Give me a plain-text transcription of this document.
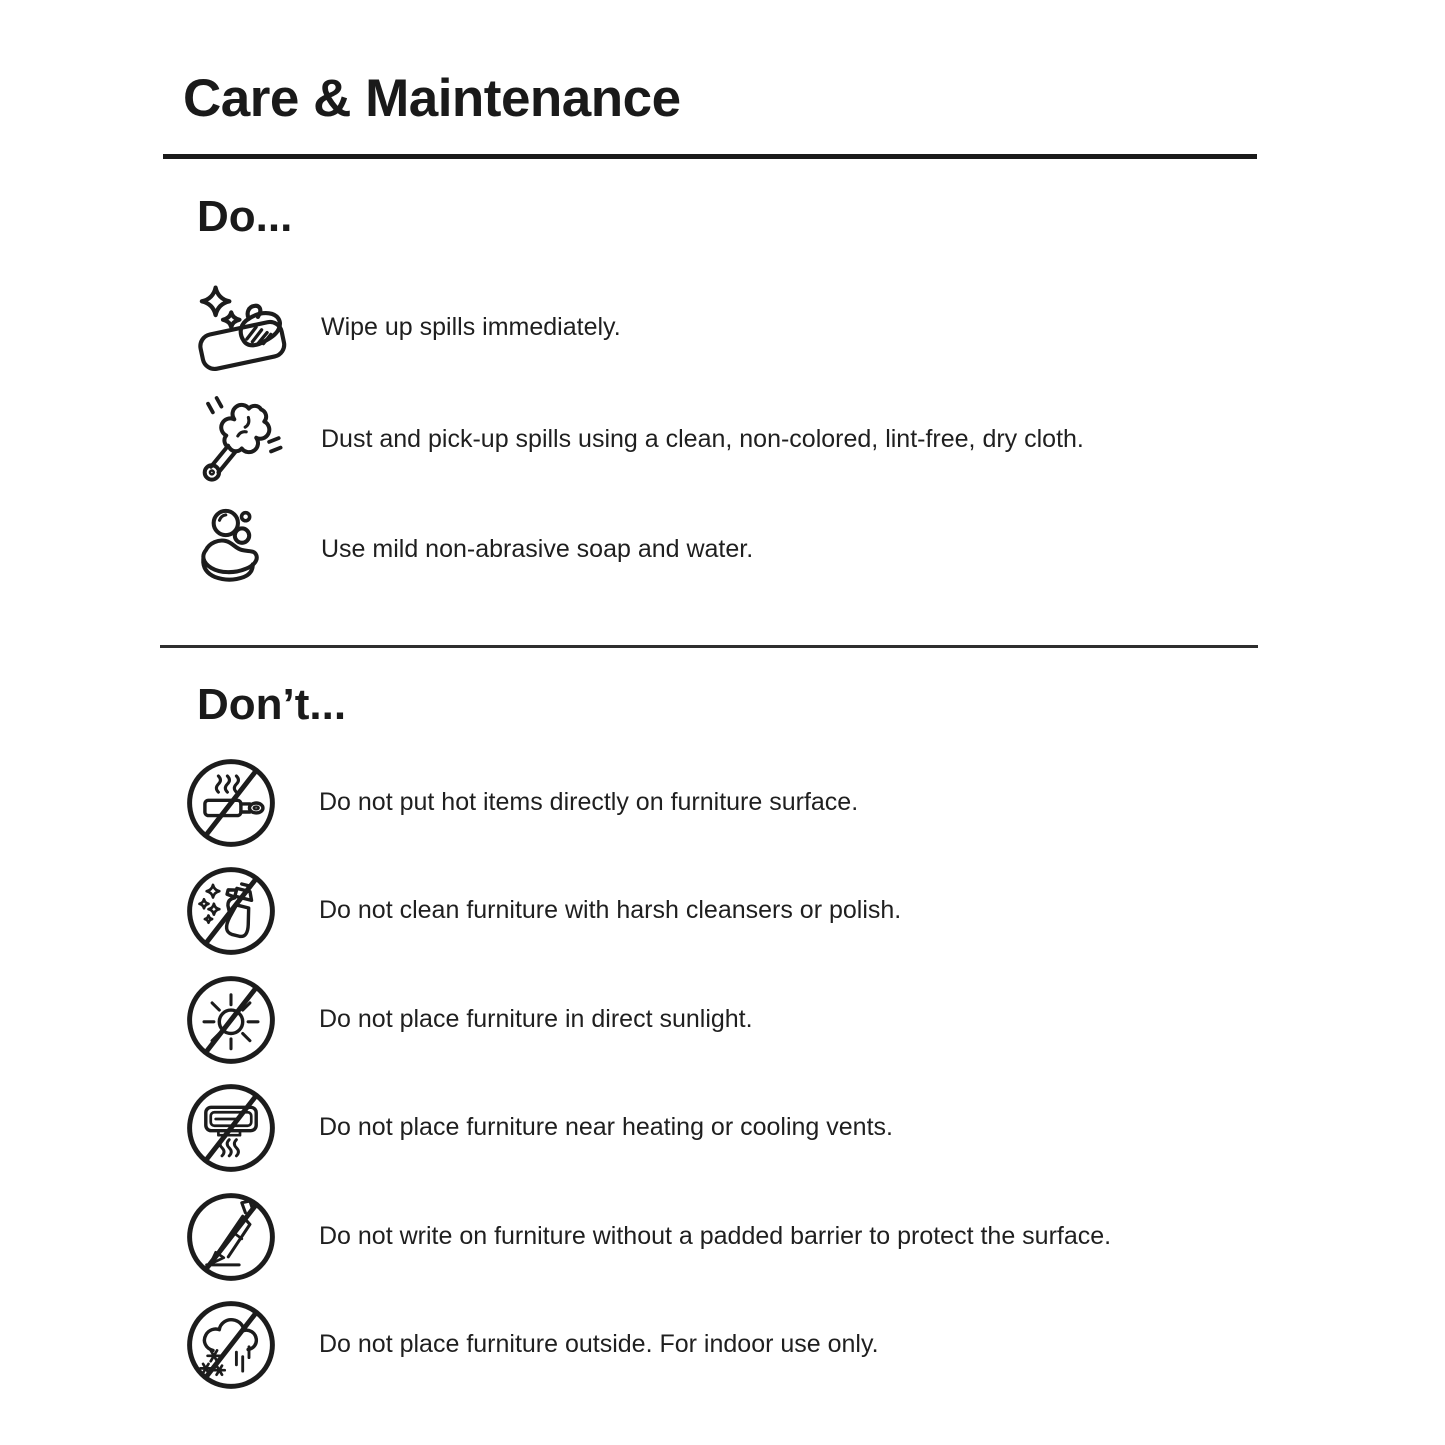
Care & Maintenance
Do...
Wipe up spills immediately.
Dust and pick-up spills using a clean, non-colored, lint-free, dry cloth.
Use mild non-abrasive soap and water.
Don’t...
Do not put hot items directly on furniture surface.
Do not clean furniture with harsh cleansers or polish.
Do not place furniture in direct sunlight.
Do not place furniture near heating or cooling vents.
Do not write on furniture without a padded barrier to protect the surface.
Do not place furniture outside. For indoor use only.
